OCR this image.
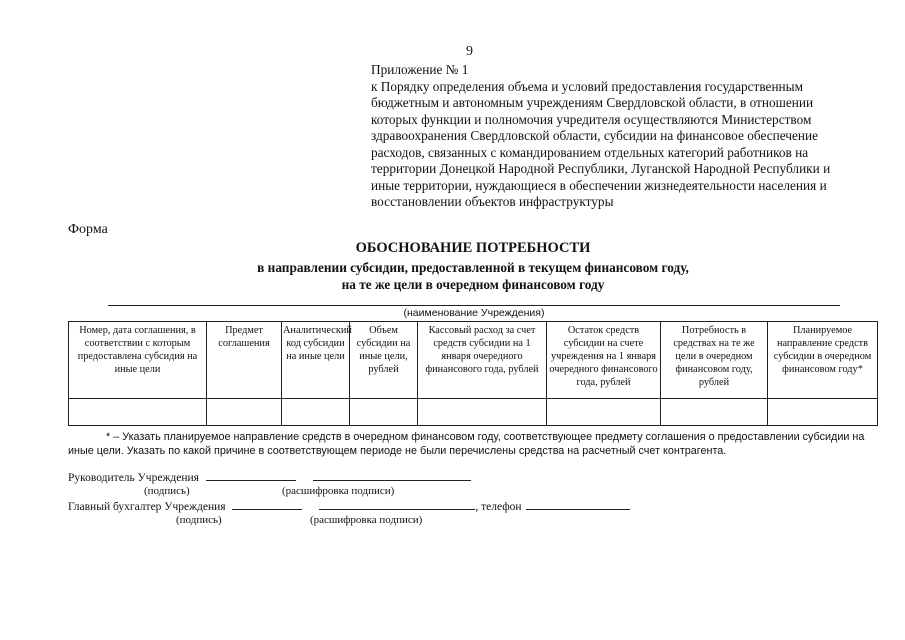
9
Приложение № 1
к Порядку определения объема и условий предоставления государственным
бюджетным и автономным учреждениям Свердловской области, в отношении
которых функции и полномочия учредителя осуществляются Министерством
здравоохранения Свердловской области, субсидии на финансовое обеспечение
расходов, связанных с командированием отдельных категорий работников на
территории Донецкой Народной Республики, Луганской Народной Республики и
иные территории, нуждающиеся в обеспечении жизнедеятельности населения и
восстановлении объектов инфраструктуры
Форма
ОБОСНОВАНИЕ ПОТРЕБНОСТИ
в направлении субсидии, предоставленной в текущем финансовом году,
на те же цели в очередном финансовом году
(наименование Учреждения)
Номер, дата соглашения, в соответствии с которым предоставлена субсидия на иные цели	Предмет соглашения	Аналитический код субсидии на иные цели	Объем субсидии на иные цели, рублей	Кассовый расход за счет средств субсидии на 1 января очередного финансового года, рублей	Остаток средств субсидии на счете учреждения на 1 января очередного финансового года, рублей	Потребность в средствах на те же цели в очередном финансовом году, рублей	Планируемое направление средств субсидии в очередном финансовом году*

* – Указать планируемое направление средств в очередном финансовом году, соответствующее предмету соглашения о предоставлении субсидии на иные цели. Указать по какой причине в соответствующем периоде не были перечислены средства на расчетный счет контрагента.
Руководитель Учреждения
(подпись)	(расшифровка подписи)
Главный бухгалтер Учреждения	, телефон
(подпись)	(расшифровка подписи)
